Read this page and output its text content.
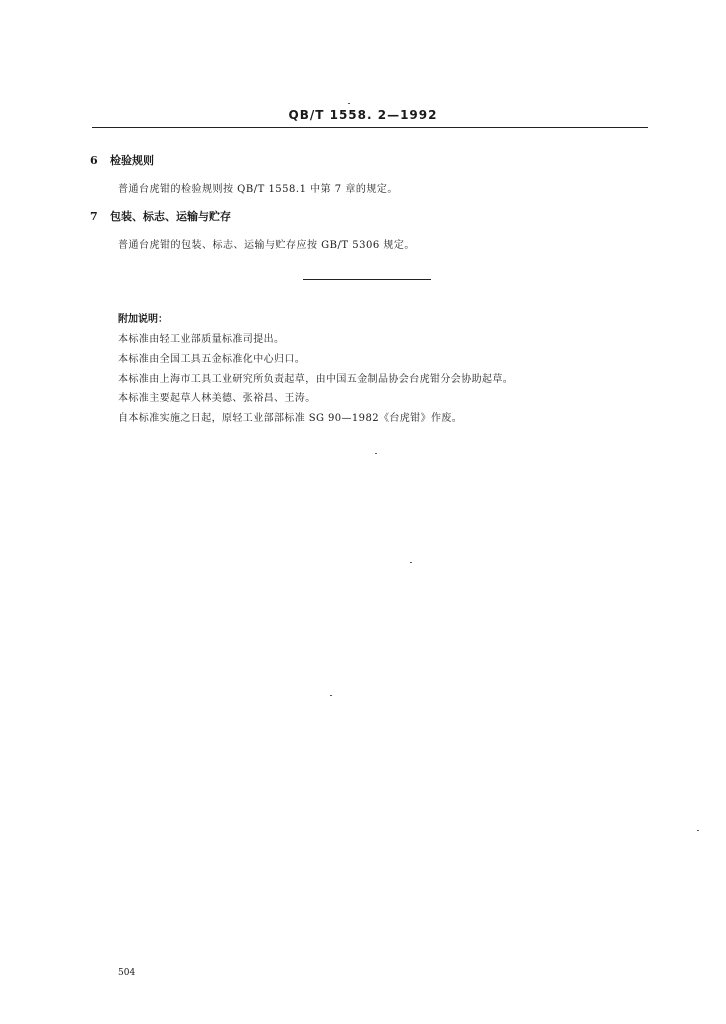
QB/T 1558. 2—1992
6 检验规则
普通台虎钳的检验规则按 QB/T 1558.1 中第 7 章的规定。
7 包装、标志、运输与贮存
普通台虎钳的包装、标志、运输与贮存应按 GB/T 5306 规定。
附加说明：
本标准由轻工业部质量标准司提出。
本标准由全国工具五金标准化中心归口。
本标准由上海市工具工业研究所负责起草，由中国五金制品协会台虎钳分会协助起草。
本标准主要起草人林美德、张裕昌、王涛。
自本标准实施之日起，原轻工业部部标准 SG 90—1982《台虎钳》作废。
504
